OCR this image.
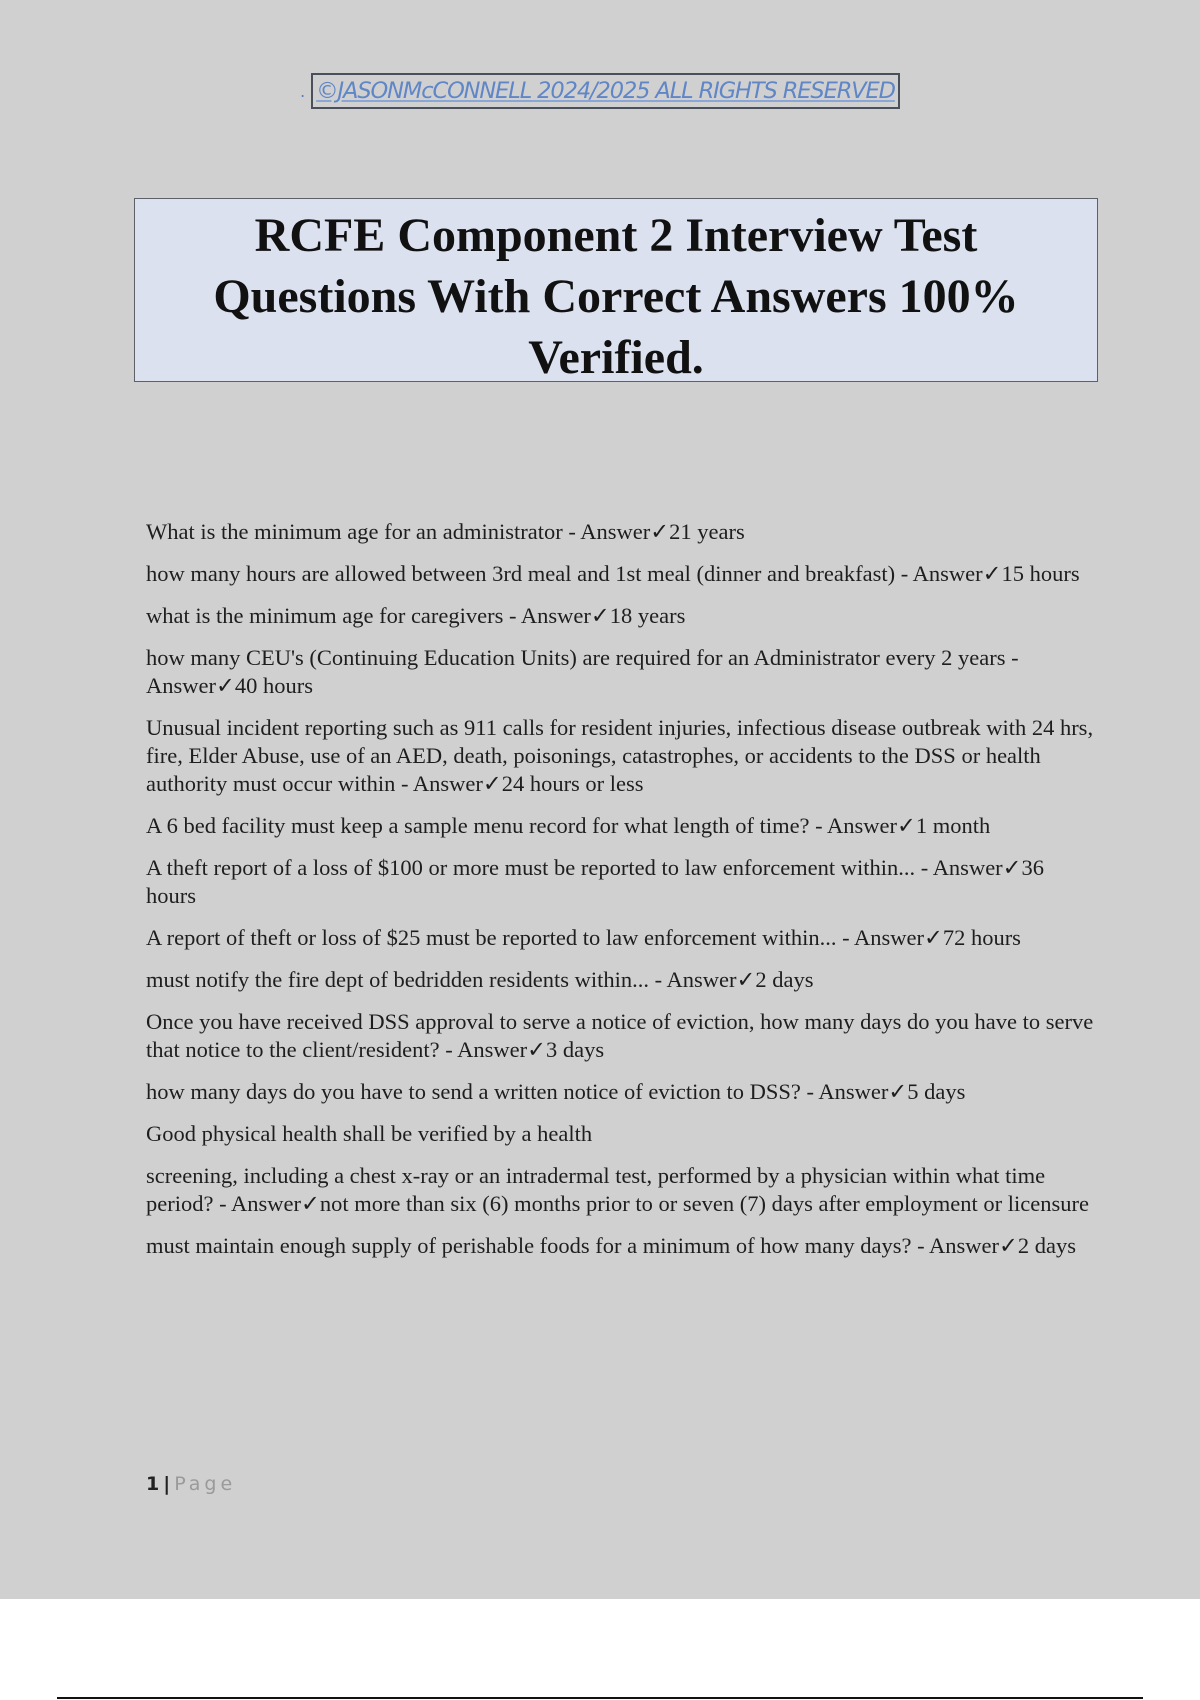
. ©JASONMcCONNELL 2024/2025 ALL RIGHTS RESERVED
RCFE Component 2 Interview Test
Questions With Correct Answers 100%
Verified.
What is the minimum age for an administrator - Answer✓21 years
how many hours are allowed between 3rd meal and 1st meal (dinner and breakfast) - Answer✓15 hours
what is the minimum age for caregivers - Answer✓18 years
how many CEU's (Continuing Education Units) are required for an Administrator every 2 years - Answer✓40 hours
Unusual incident reporting such as 911 calls for resident injuries, infectious disease outbreak with 24 hrs, fire, Elder Abuse, use of an AED, death, poisonings, catastrophes, or accidents to the DSS or health authority must occur within - Answer✓24 hours or less
A 6 bed facility must keep a sample menu record for what length of time? - Answer✓1 month
A theft report of a loss of $100 or more must be reported to law enforcement within... - Answer✓36 hours
A report of theft or loss of $25 must be reported to law enforcement within... - Answer✓72 hours
must notify the fire dept of bedridden residents within... - Answer✓2 days
Once you have received DSS approval to serve a notice of eviction, how many days do you have to serve that notice to the client/resident? - Answer✓3 days
how many days do you have to send a written notice of eviction to DSS? - Answer✓5 days
Good physical health shall be verified by a health
screening, including a chest x-ray or an intradermal test, performed by a physician within what time period? - Answer✓not more than six (6) months prior to or seven (7) days after employment or licensure
must maintain enough supply of perishable foods for a minimum of how many days? - Answer✓2 days
1 | Page
